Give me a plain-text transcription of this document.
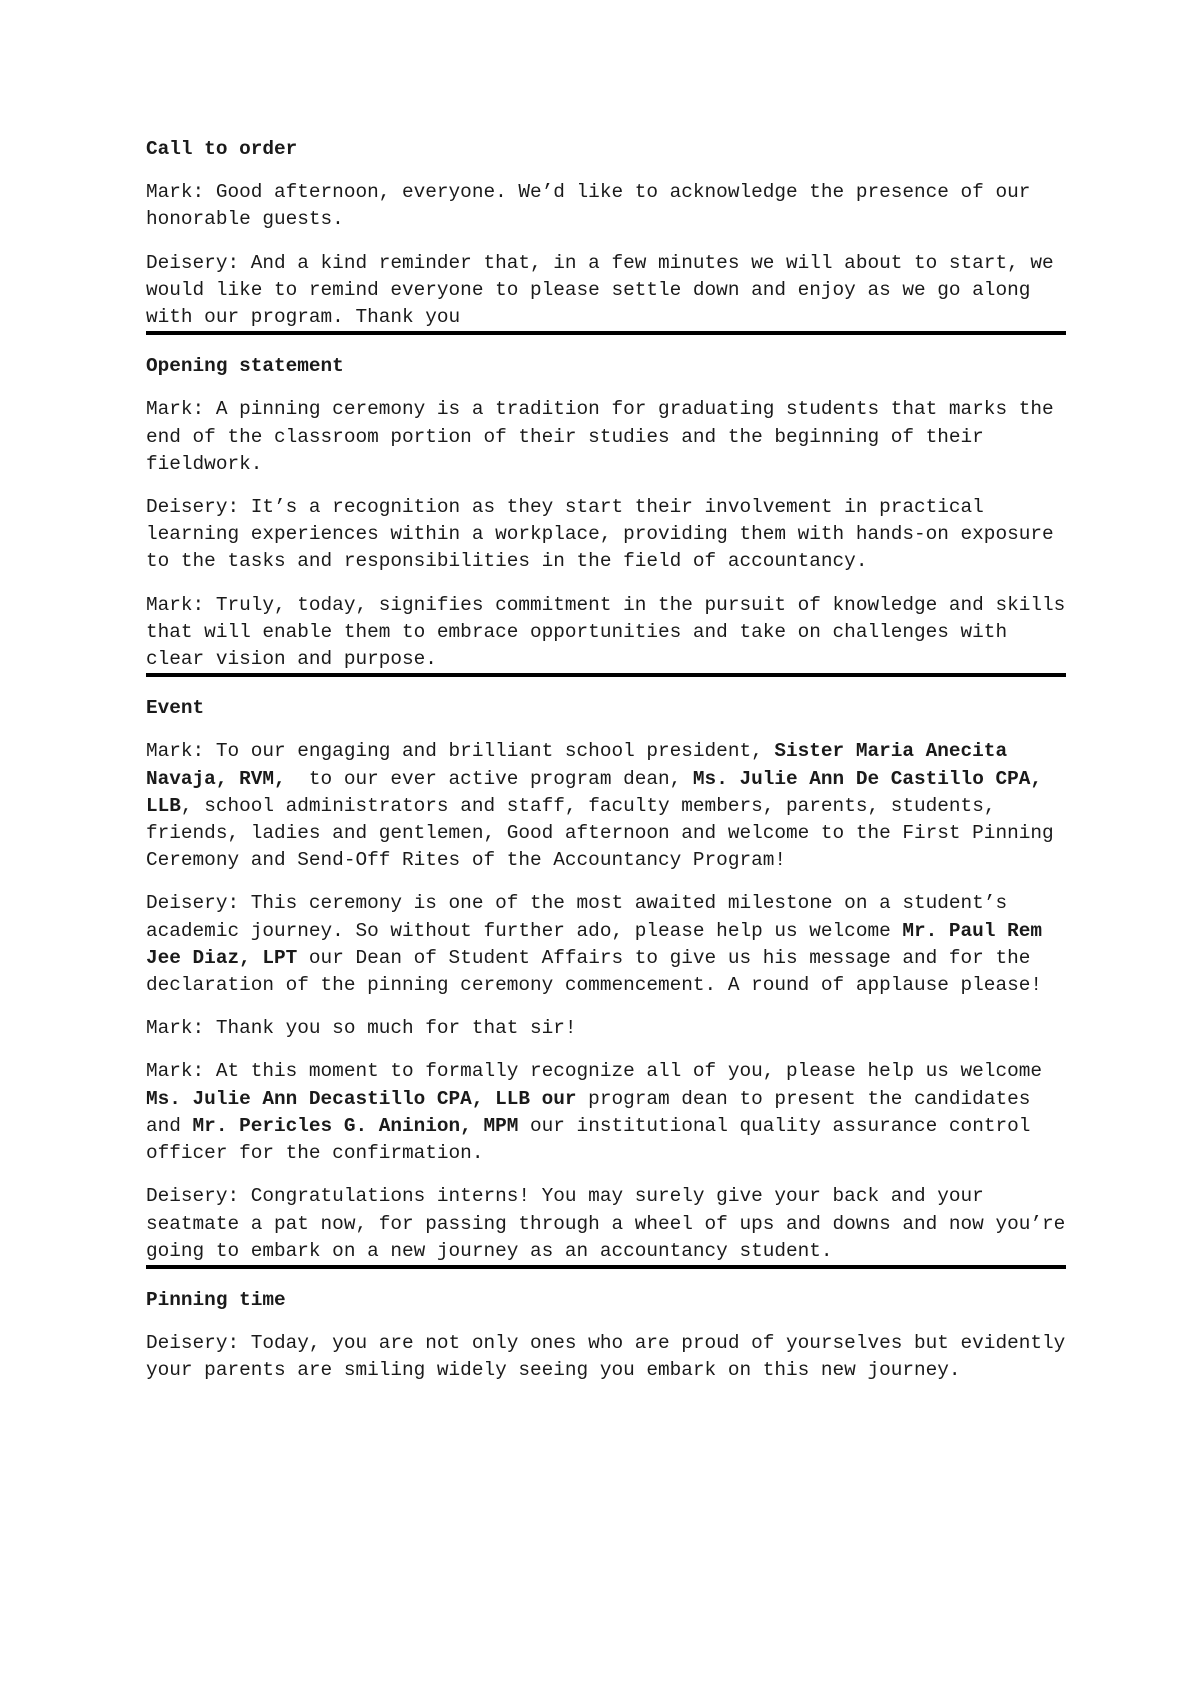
Call to order

Mark: Good afternoon, everyone. We’d like to acknowledge the presence of our honorable guests.

Deisery: And a kind reminder that, in a few minutes we will about to start, we would like to remind everyone to please settle down and enjoy as we go along with our program. Thank you

Opening statement

Mark: A pinning ceremony is a tradition for graduating students that marks the end of the classroom portion of their studies and the beginning of their fieldwork.

Deisery: It’s a recognition as they start their involvement in practical learning experiences within a workplace, providing them with hands-on exposure to the tasks and responsibilities in the field of accountancy.

Mark: Truly, today, signifies commitment in the pursuit of knowledge and skills that will enable them to embrace opportunities and take on challenges with clear vision and purpose.

Event

Mark: To our engaging and brilliant school president, Sister Maria Anecita Navaja, RVM,  to our ever active program dean, Ms. Julie Ann De Castillo CPA, LLB, school administrators and staff, faculty members, parents, students, friends, ladies and gentlemen, Good afternoon and welcome to the First Pinning Ceremony and Send-Off Rites of the Accountancy Program!

Deisery: This ceremony is one of the most awaited milestone on a student’s academic journey. So without further ado, please help us welcome Mr. Paul Rem Jee Diaz, LPT our Dean of Student Affairs to give us his message and for the declaration of the pinning ceremony commencement. A round of applause please!

Mark: Thank you so much for that sir!

Mark: At this moment to formally recognize all of you, please help us welcome Ms. Julie Ann Decastillo CPA, LLB our program dean to present the candidates and Mr. Pericles G. Aninion, MPM our institutional quality assurance control officer for the confirmation.

Deisery: Congratulations interns! You may surely give your back and your seatmate a pat now, for passing through a wheel of ups and downs and now you’re going to embark on a new journey as an accountancy student.

Pinning time

Deisery: Today, you are not only ones who are proud of yourselves but evidently your parents are smiling widely seeing you embark on this new journey.
